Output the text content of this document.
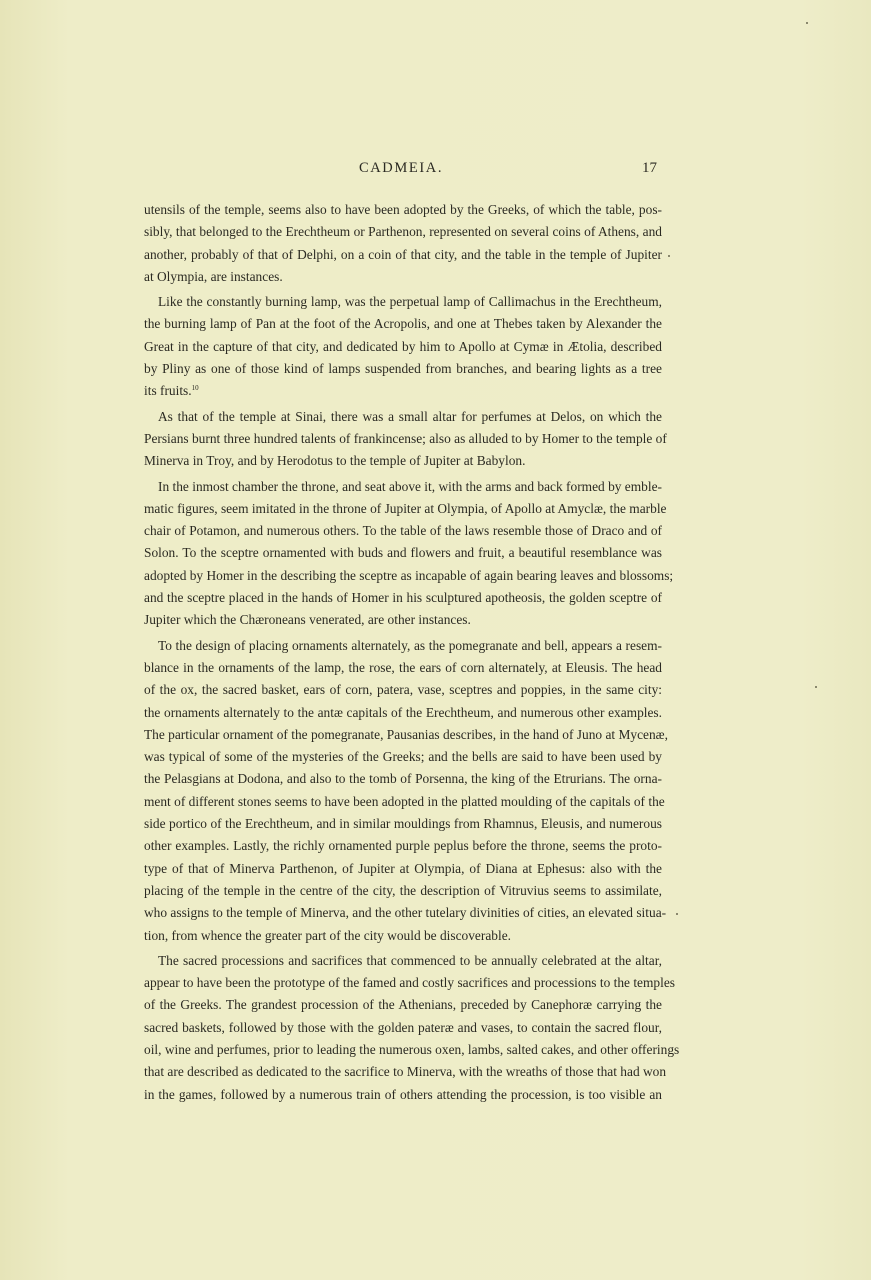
CADMEIA.	17

utensils of the temple, seems also to have been adopted by the Greeks, of which the table, pos-
sibly, that belonged to the Erechtheum or Parthenon, represented on several coins of Athens, and
another, probably of that of Delphi, on a coin of that city, and the table in the temple of Jupiter
at Olympia, are instances.

Like the constantly burning lamp, was the perpetual lamp of Callimachus in the Erechtheum,
the burning lamp of Pan at the foot of the Acropolis, and one at Thebes taken by Alexander the
Great in the capture of that city, and dedicated by him to Apollo at Cymæ in Ætolia, described
by Pliny as one of those kind of lamps suspended from branches, and bearing lights as a tree
its fruits.$^{10}$

As that of the temple at Sinai, there was a small altar for perfumes at Delos, on which the
Persians burnt three hundred talents of frankincense; also as alluded to by Homer to the temple of
Minerva in Troy, and by Herodotus to the temple of Jupiter at Babylon.

In the inmost chamber the throne, and seat above it, with the arms and back formed by emble-
matic figures, seem imitated in the throne of Jupiter at Olympia, of Apollo at Amyclæ, the marble
chair of Potamon, and numerous others. To the table of the laws resemble those of Draco and of
Solon. To the sceptre ornamented with buds and flowers and fruit, a beautiful resemblance was
adopted by Homer in the describing the sceptre as incapable of again bearing leaves and blossoms;
and the sceptre placed in the hands of Homer in his sculptured apotheosis, the golden sceptre of
Jupiter which the Chæroneans venerated, are other instances.

To the design of placing ornaments alternately, as the pomegranate and bell, appears a resem-
blance in the ornaments of the lamp, the rose, the ears of corn alternately, at Eleusis. The head
of the ox, the sacred basket, ears of corn, patera, vase, sceptres and poppies, in the same city:
the ornaments alternately to the antæ capitals of the Erechtheum, and numerous other examples.
The particular ornament of the pomegranate, Pausanias describes, in the hand of Juno at Mycenæ,
was typical of some of the mysteries of the Greeks; and the bells are said to have been used by
the Pelasgians at Dodona, and also to the tomb of Porsenna, the king of the Etrurians. The orna-
ment of different stones seems to have been adopted in the platted moulding of the capitals of the
side portico of the Erechtheum, and in similar mouldings from Rhamnus, Eleusis, and numerous
other examples. Lastly, the richly ornamented purple peplus before the throne, seems the proto-
type of that of Minerva Parthenon, of Jupiter at Olympia, of Diana at Ephesus: also with the
placing of the temple in the centre of the city, the description of Vitruvius seems to assimilate,
who assigns to the temple of Minerva, and the other tutelary divinities of cities, an elevated situa-
tion, from whence the greater part of the city would be discoverable.

The sacred processions and sacrifices that commenced to be annually celebrated at the altar,
appear to have been the prototype of the famed and costly sacrifices and processions to the temples
of the Greeks. The grandest procession of the Athenians, preceded by Canephoræ carrying the
sacred baskets, followed by those with the golden pateræ and vases, to contain the sacred flour,
oil, wine and perfumes, prior to leading the numerous oxen, lambs, salted cakes, and other offerings
that are described as dedicated to the sacrifice to Minerva, with the wreaths of those that had won
in the games, followed by a numerous train of others attending the procession, is too visible an
